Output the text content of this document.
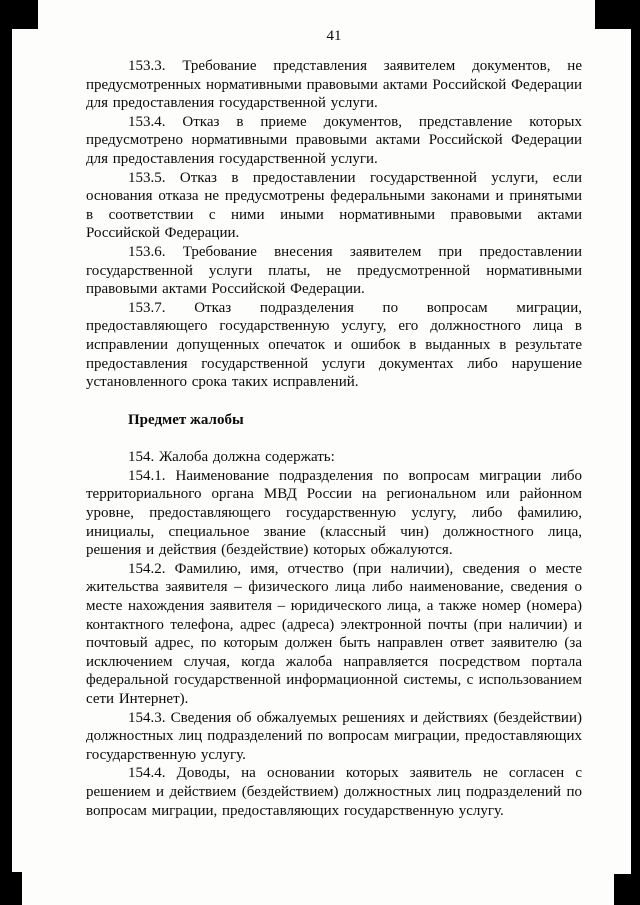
41

153.3. Требование представления заявителем документов, не предусмотренных нормативными правовыми актами Российской Федерации для предоставления государственной услуги.

153.4. Отказ в приеме документов, представление которых предусмотрено нормативными правовыми актами Российской Федерации для предоставления государственной услуги.

153.5. Отказ в предоставлении государственной услуги, если основания отказа не предусмотрены федеральными законами и принятыми в соответствии с ними иными нормативными правовыми актами Российской Федерации.

153.6. Требование внесения заявителем при предоставлении государственной услуги платы, не предусмотренной нормативными правовыми актами Российской Федерации.

153.7. Отказ подразделения по вопросам миграции, предоставляющего государственную услугу, его должностного лица в исправлении допущенных опечаток и ошибок в выданных в результате предоставления государственной услуги документах либо нарушение установленного срока таких исправлений.

Предмет жалобы

154. Жалоба должна содержать:

154.1. Наименование подразделения по вопросам миграции либо территориального органа МВД России на региональном или районном уровне, предоставляющего государственную услугу, либо фамилию, инициалы, специальное звание (классный чин) должностного лица, решения и действия (бездействие) которых обжалуются.

154.2. Фамилию, имя, отчество (при наличии), сведения о месте жительства заявителя – физического лица либо наименование, сведения о месте нахождения заявителя – юридического лица, а также номер (номера) контактного телефона, адрес (адреса) электронной почты (при наличии) и почтовый адрес, по которым должен быть направлен ответ заявителю (за исключением случая, когда жалоба направляется посредством портала федеральной государственной информационной системы, с использованием сети Интернет).

154.3. Сведения об обжалуемых решениях и действиях (бездействии) должностных лиц подразделений по вопросам миграции, предоставляющих государственную услугу.

154.4. Доводы, на основании которых заявитель не согласен с решением и действием (бездействием) должностных лиц подразделений по вопросам миграции, предоставляющих государственную услугу.
